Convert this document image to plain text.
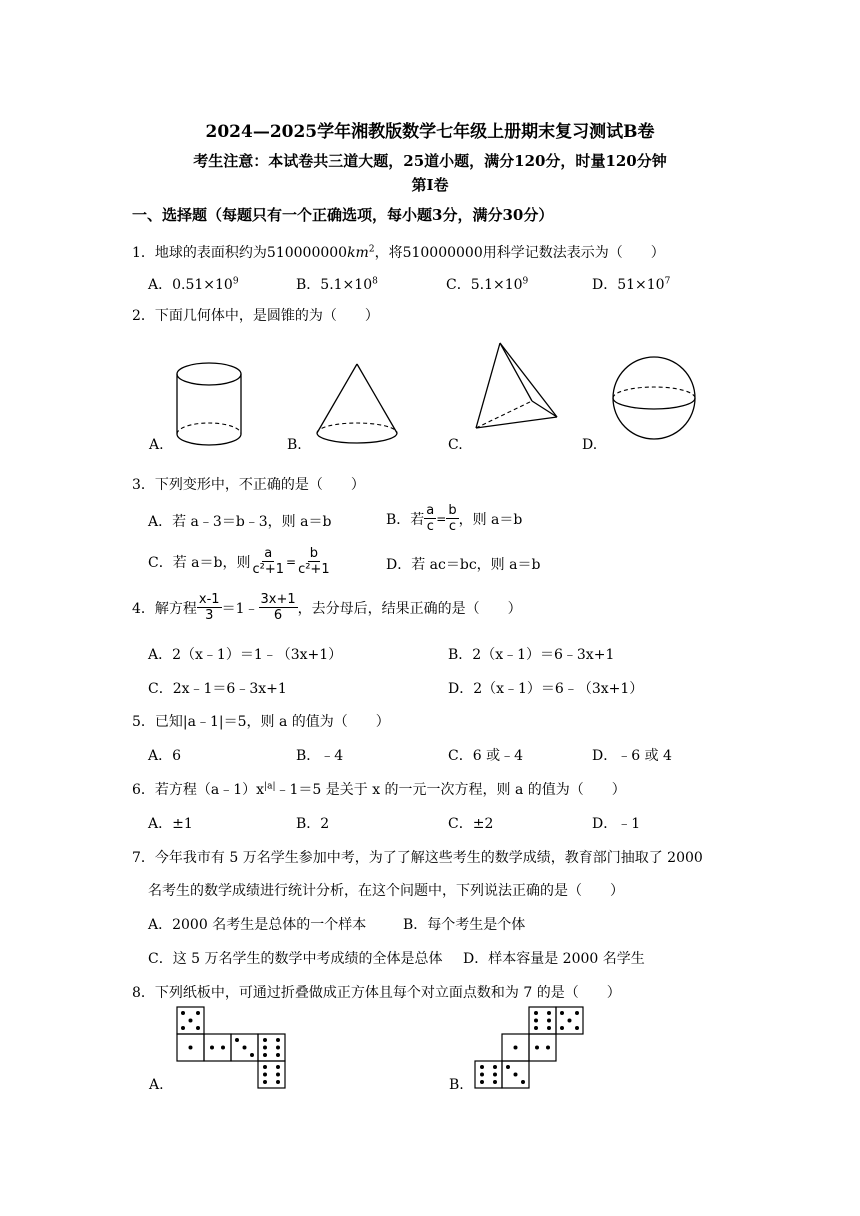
2024—2025学年湘教版数学七年级上册期末复习测试B卷
考生注意：本试卷共三道大题，25道小题，满分120分，时量120分钟
第Ⅰ卷
一、选择题（每题只有一个正确选项，每小题3分，满分30分）
1．地球的表面积约为$510000000km^2$，将510000000用科学记数法表示为（　　）
A．$0.51\times 10^9$	B．$5.1\times 10^8$	C．$5.1\times 10^9$	D．$51\times 10^7$
2．下面几何体中，是圆锥的为（　　）
A.	B.	C.	D.
3．下列变形中，不正确的是（　　）
A．若 a﹣3＝b﹣3，则 a＝b	B．若 $\frac{a}{c} = \frac{b}{c}$ ，则 a＝b
C．若 a＝b，则 $\frac{a}{\text{c²+1}} = \frac{b}{\text{c²+1}}$	D．若 ac＝bc，则 a＝b
4．解方程 $\frac{x-1}{3}$ ＝1﹣ $\frac{3x+1}{6}$ ，去分母后，结果正确的是（　　）
A．2（x﹣1）＝1﹣（3x+1）	B．2（x﹣1）＝6﹣3x+1
C．2x﹣1＝6﹣3x+1	D．2（x﹣1）＝6﹣（3x+1）
5．已知|a﹣1|＝5，则 a 的值为（　　）
A．6	B．﹣4	C．6 或﹣4	D．﹣6 或 4
6．若方程$(a﹣1)x^{|a|}﹣1=5$ 是关于 x 的一元一次方程，则 a 的值为（　　）
A．±1	B．2	C．±2	D．﹣1
7．今年我市有 5 万名学生参加中考，为了了解这些考生的数学成绩，教育部门抽取了 2000
名考生的数学成绩进行统计分析，在这个问题中，下列说法正确的是（　　）
A．2000 名考生是总体的一个样本	B．每个考生是个体
C．这 5 万名学生的数学中考成绩的全体是总体 D．样本容量是 2000 名学生
8．下列纸板中，可通过折叠做成正方体且每个对立面点数和为 7 的是（　　）
A.	B.
